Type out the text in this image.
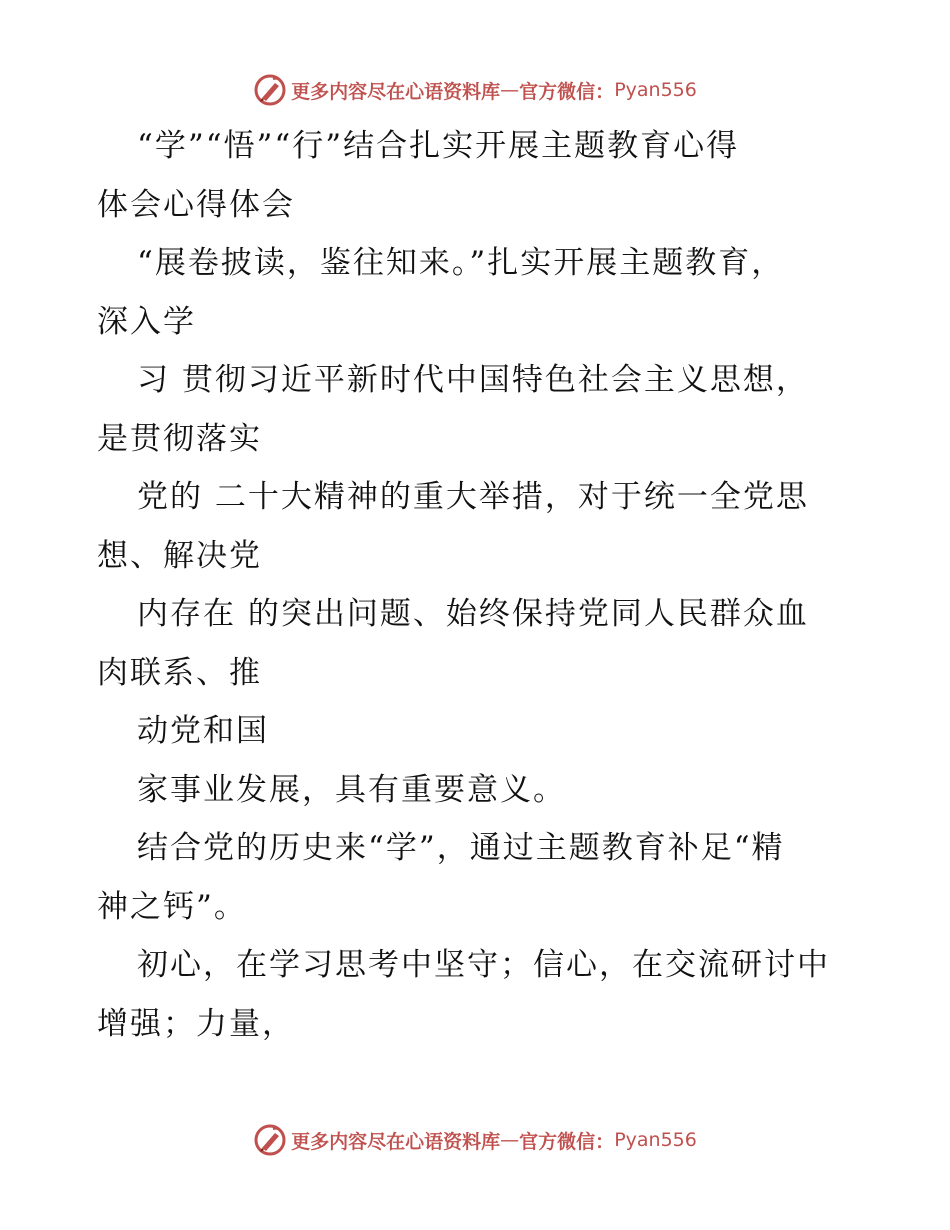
更多内容尽在心语资料库 — 官方微信： Pyan556
“学”“悟”“行”结合扎实开展主题教育心得
体会心得体会
“展卷披读，鉴往知来。”扎实开展主题教育，
深入学
习 贯彻习近平新时代中国特色社会主义思想，
是贯彻落实
党的 二十大精神的重大举措，对于统一全党思
想、解决党
内存在 的突出问题、始终保持党同人民群众血
肉联系、推
动党和国
家事业发展，具有重要意义。
结合党的历史来“学”，通过主题教育补足“精
神之钙”。
初心，在学习思考中坚守；信心，在交流研讨中
增强；力量，
更多内容尽在心语资料库 — 官方微信： Pyan556
